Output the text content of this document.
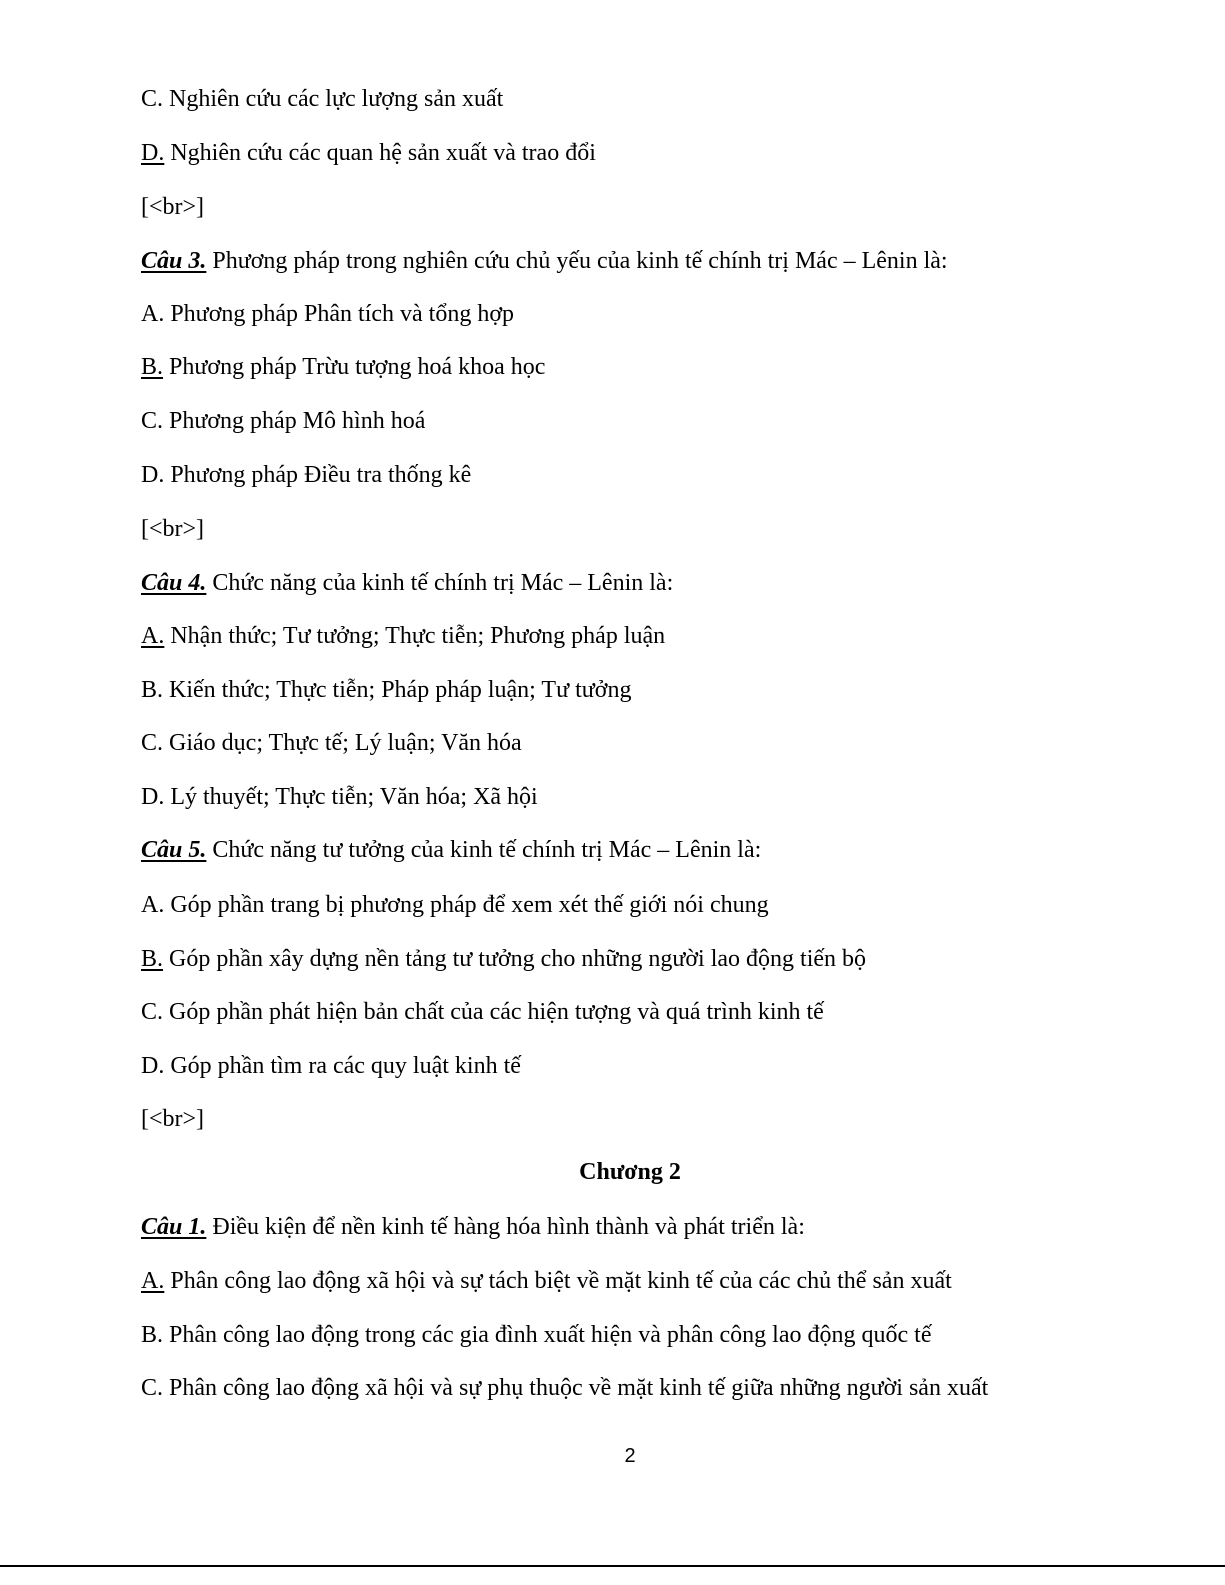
C. Nghiên cứu các lực lượng sản xuất

D. Nghiên cứu các quan hệ sản xuất và trao đổi

[<br>]

Câu 3. Phương pháp trong nghiên cứu chủ yếu của kinh tế chính trị Mác – Lênin là:

A. Phương pháp Phân tích và tổng hợp

B. Phương pháp Trừu tượng hoá khoa học

C. Phương pháp Mô hình hoá

D. Phương pháp Điều tra thống kê

[<br>]

Câu 4. Chức năng của kinh tế chính trị Mác – Lênin là:

A. Nhận thức; Tư tưởng; Thực tiễn; Phương pháp luận

B. Kiến thức; Thực tiễn; Pháp pháp luận; Tư tưởng

C. Giáo dục; Thực tế; Lý luận; Văn hóa

D. Lý thuyết; Thực tiễn; Văn hóa; Xã hội

Câu 5. Chức năng tư tưởng của kinh tế chính trị Mác – Lênin là:

A. Góp phần trang bị phương pháp để xem xét thế giới nói chung

B. Góp phần xây dựng nền tảng tư tưởng cho những người lao động tiến bộ

C. Góp phần phát hiện bản chất của các hiện tượng và quá trình kinh tế

D. Góp phần tìm ra các quy luật kinh tế

[<br>]

Chương 2

Câu 1. Điều kiện để nền kinh tế hàng hóa hình thành và phát triển là:

A. Phân công lao động xã hội và sự tách biệt về mặt kinh tế của các chủ thể sản xuất

B. Phân công lao động trong các gia đình xuất hiện và phân công lao động quốc tế

C. Phân công lao động xã hội và sự phụ thuộc về mặt kinh tế giữa những người sản xuất

2
